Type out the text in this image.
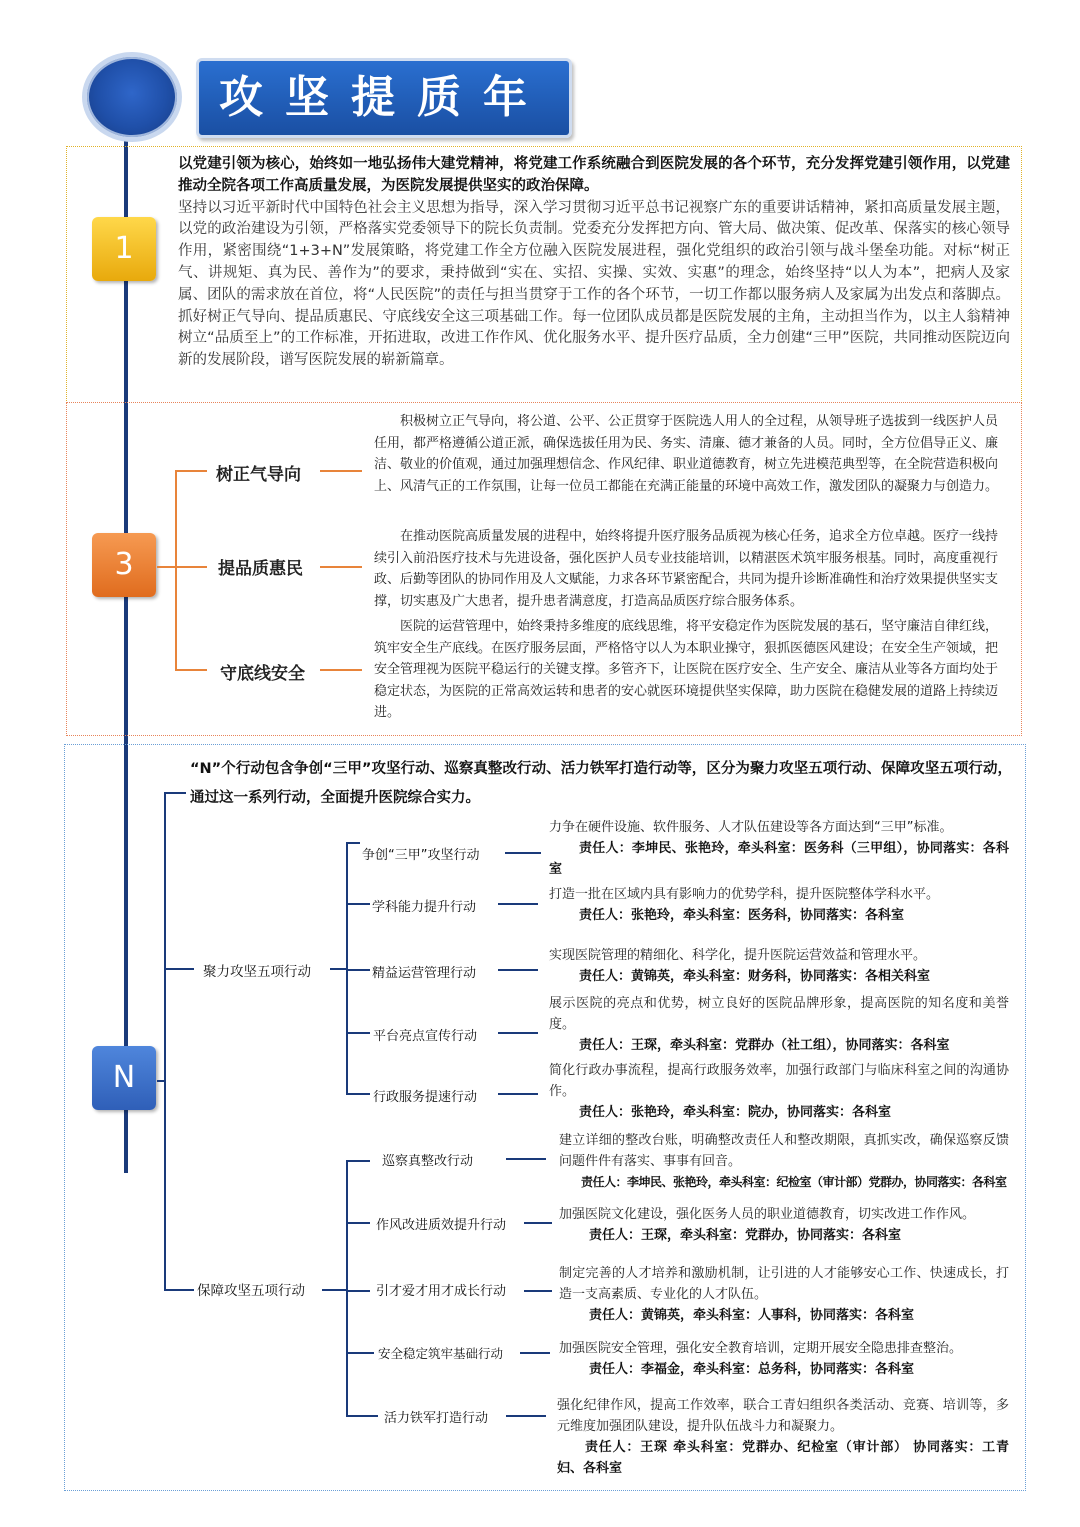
攻坚提质年
1
以党建引领为核心，始终如一地弘扬伟大建党精神，将党建工作系统融合到医院发展的各个环节，充分发挥党建引领作用，以党建推动全院各项工作高质量发展，为医院发展提供坚实的政治保障。
坚持以习近平新时代中国特色社会主义思想为指导，深入学习贯彻习近平总书记视察广东的重要讲话精神，紧扣高质量发展主题，以党的政治建设为引领，严格落实党委领导下的院长负责制。党委充分发挥把方向、管大局、做决策、促改革、保落实的核心领导作用，紧密围绕“1+3+N”发展策略，将党建工作全方位融入医院发展进程，强化党组织的政治引领与战斗堡垒功能。对标“树正气、讲规矩、真为民、善作为”的要求，秉持做到“实在、实招、实操、实效、实惠”的理念，始终坚持“以人为本”，把病人及家属、团队的需求放在首位，将“人民医院”的责任与担当贯穿于工作的各个环节，一切工作都以服务病人及家属为出发点和落脚点。抓好树正气导向、提品质惠民、守底线安全这三项基础工作。每一位团队成员都是医院发展的主角，主动担当作为，以主人翁精神树立“品质至上”的工作标准，开拓进取，改进工作作风、优化服务水平、提升医疗品质，全力创建“三甲”医院，共同推动医院迈向新的发展阶段，谱写医院发展的崭新篇章。
3
树正气导向

积极树立正气导向，将公道、公平、公正贯穿于医院选人用人的全过程，从领导班子选拔到一线医护人员任用，都严格遵循公道正派，确保选拔任用为民、务实、清廉、德才兼备的人员。同时，全方位倡导正义、廉洁、敬业的价值观，通过加强理想信念、作风纪律、职业道德教育，树立先进模范典型等，在全院营造积极向上、风清气正的工作氛围，让每一位员工都能在充满正能量的环境中高效工作，激发团队的凝聚力与创造力。

提品质惠民

在推动医院高质量发展的进程中，始终将提升医疗服务品质视为核心任务，追求全方位卓越。医疗一线持续引入前沿医疗技术与先进设备，强化医护人员专业技能培训，以精湛医术筑牢服务根基。同时，高度重视行政、后勤等团队的协同作用及人文赋能，力求各环节紧密配合，共同为提升诊断准确性和治疗效果提供坚实支撑，切实惠及广大患者，提升患者满意度，打造高品质医疗综合服务体系。

守底线安全

医院的运营管理中，始终秉持多维度的底线思维，将平安稳定作为医院发展的基石，坚守廉洁自律红线，筑牢安全生产底线。在医疗服务层面，严格恪守以人为本职业操守，狠抓医德医风建设；在安全生产领域，把安全管理视为医院平稳运行的关键支撑。多管齐下，让医院在医疗安全、生产安全、廉洁从业等各方面均处于稳定状态，为医院的正常高效运转和患者的安心就医环境提供坚实保障，助力医院在稳健发展的道路上持续迈进。

N
“N”个行动包含争创“三甲”攻坚行动、巡察真整改行动、活力铁军打造行动等，区分为聚力攻坚五项行动、保障攻坚五项行动，通过这一系列行动，全面提升医院综合实力。
聚力攻坚五项行动
保障攻坚五项行动
争创“三甲”攻坚行动
力争在硬件设施、软件服务、人才队伍建设等各方面达到“三甲”标准。
责任人：李坤民、张艳玲，牵头科室：医务科（三甲组），协同落实：各科室
学科能力提升行动
打造一批在区域内具有影响力的优势学科，提升医院整体学科水平。
责任人：张艳玲，牵头科室：医务科，协同落实：各科室
精益运营管理行动
实现医院管理的精细化、科学化，提升医院运营效益和管理水平。
责任人：黄锦英，牵头科室：财务科，协同落实：各相关科室
平台亮点宣传行动
展示医院的亮点和优势，树立良好的医院品牌形象，提高医院的知名度和美誉度。
责任人：王琛，牵头科室：党群办（社工组），协同落实：各科室
行政服务提速行动
简化行政办事流程，提高行政服务效率，加强行政部门与临床科室之间的沟通协作。
责任人：张艳玲，牵头科室：院办，协同落实：各科室
巡察真整改行动
建立详细的整改台账，明确整改责任人和整改期限，真抓实改，确保巡察反馈问题件件有落实、事事有回音。
责任人：李坤民、张艳玲，牵头科室：纪检室（审计部）党群办，协同落实：各科室
作风改进质效提升行动
加强医院文化建设，强化医务人员的职业道德教育，切实改进工作作风。
责任人：王琛，牵头科室：党群办，协同落实：各科室
引才爱才用才成长行动
制定完善的人才培养和激励机制，让引进的人才能够安心工作、快速成长，打造一支高素质、专业化的人才队伍。
责任人：黄锦英，牵头科室：人事科，协同落实：各科室
安全稳定筑牢基础行动	加强医院安全管理，强化安全教育培训，定期开展安全隐患排查整治。
责任人：李福金，牵头科室：总务科，协同落实：各科室
活力铁军打造行动
强化纪律作风，提高工作效率，联合工青妇组织各类活动、竞赛、培训等，多元维度加强团队建设，提升队伍战斗力和凝聚力。
责任人：王琛 牵头科室：党群办、纪检室（审计部） 协同落实：工青妇、各科室
